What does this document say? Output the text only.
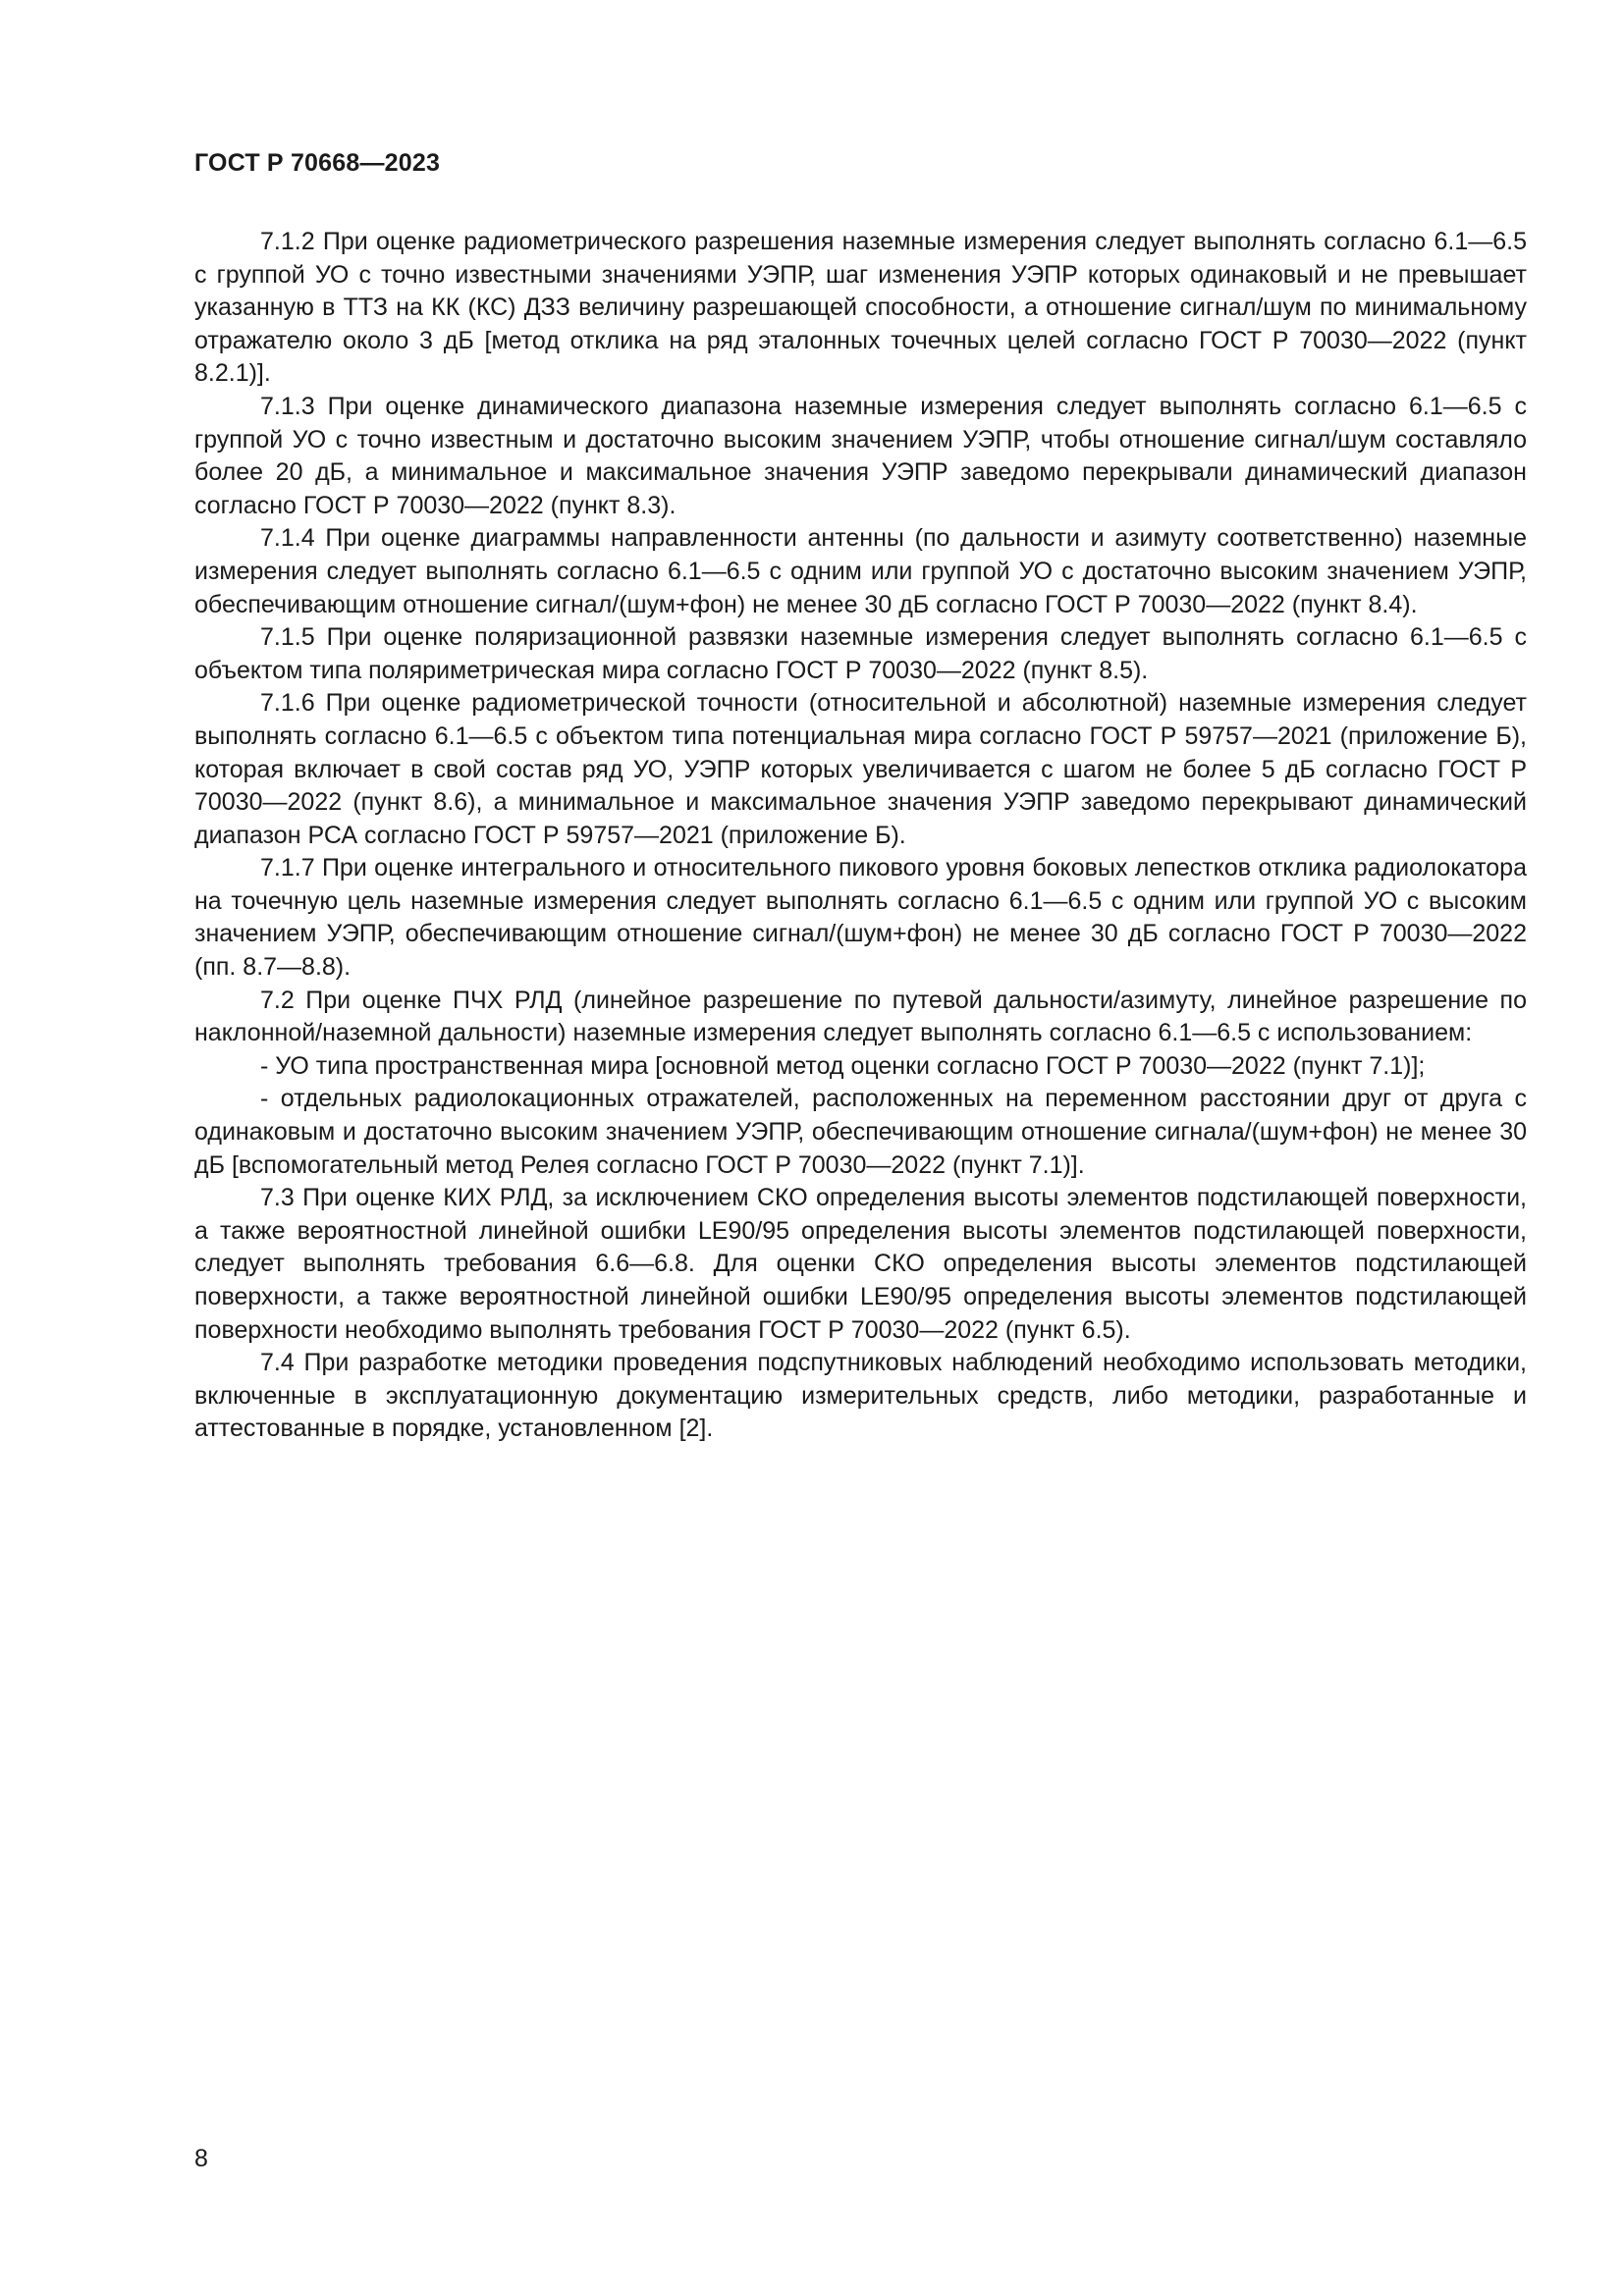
ГОСТ Р 70668—2023

7.1.2 При оценке радиометрического разрешения наземные измерения следует выполнять согласно 6.1—6.5 с группой УО с точно известными значениями УЭПР, шаг изменения УЭПР которых одинаковый и не превышает указанную в ТТЗ на КК (КС) ДЗЗ величину разрешающей способности, а отношение сигнал/шум по минимальному отражателю около 3 дБ [метод отклика на ряд эталонных точечных целей согласно ГОСТ Р 70030—2022 (пункт 8.2.1)].

7.1.3 При оценке динамического диапазона наземные измерения следует выполнять согласно 6.1—6.5 с группой УО с точно известным и достаточно высоким значением УЭПР, чтобы отношение сигнал/шум составляло более 20 дБ, а минимальное и максимальное значения УЭПР заведомо перекрывали динамический диапазон согласно ГОСТ Р 70030—2022 (пункт 8.3).

7.1.4 При оценке диаграммы направленности антенны (по дальности и азимуту соответственно) наземные измерения следует выполнять согласно 6.1—6.5 с одним или группой УО с достаточно высоким значением УЭПР, обеспечивающим отношение сигнал/(шум+фон) не менее 30 дБ согласно ГОСТ Р 70030—2022 (пункт 8.4).

7.1.5 При оценке поляризационной развязки наземные измерения следует выполнять согласно 6.1—6.5 с объектом типа поляриметрическая мира согласно ГОСТ Р 70030—2022 (пункт 8.5).

7.1.6 При оценке радиометрической точности (относительной и абсолютной) наземные измерения следует выполнять согласно 6.1—6.5 с объектом типа потенциальная мира согласно ГОСТ Р 59757—2021 (приложение Б), которая включает в свой состав ряд УО, УЭПР которых увеличивается с шагом не более 5 дБ согласно ГОСТ Р 70030—2022 (пункт 8.6), а минимальное и максимальное значения УЭПР заведомо перекрывают динамический диапазон РСА согласно ГОСТ Р 59757—2021 (приложение Б).

7.1.7 При оценке интегрального и относительного пикового уровня боковых лепестков отклика радиолокатора на точечную цель наземные измерения следует выполнять согласно 6.1—6.5 с одним или группой УО с высоким значением УЭПР, обеспечивающим отношение сигнал/(шум+фон) не менее 30 дБ согласно ГОСТ Р 70030—2022 (пп. 8.7—8.8).

7.2 При оценке ПЧХ РЛД (линейное разрешение по путевой дальности/азимуту, линейное разрешение по наклонной/наземной дальности) наземные измерения следует выполнять согласно 6.1—6.5 с использованием:

- УО типа пространственная мира [основной метод оценки согласно ГОСТ Р 70030—2022 (пункт 7.1)];

- отдельных радиолокационных отражателей, расположенных на переменном расстоянии друг от друга с одинаковым и достаточно высоким значением УЭПР, обеспечивающим отношение сигнала/(шум+фон) не менее 30 дБ [вспомогательный метод Релея согласно ГОСТ Р 70030—2022 (пункт 7.1)].

7.3 При оценке КИХ РЛД, за исключением СКО определения высоты элементов подстилающей поверхности, а также вероятностной линейной ошибки LE90/95 определения высоты элементов подстилающей поверхности, следует выполнять требования 6.6—6.8. Для оценки СКО определения высоты элементов подстилающей поверхности, а также вероятностной линейной ошибки LE90/95 определения высоты элементов подстилающей поверхности необходимо выполнять требования ГОСТ Р 70030—2022 (пункт 6.5).

7.4 При разработке методики проведения подспутниковых наблюдений необходимо использовать методики, включенные в эксплуатационную документацию измерительных средств, либо методики, разработанные и аттестованные в порядке, установленном [2].

8
